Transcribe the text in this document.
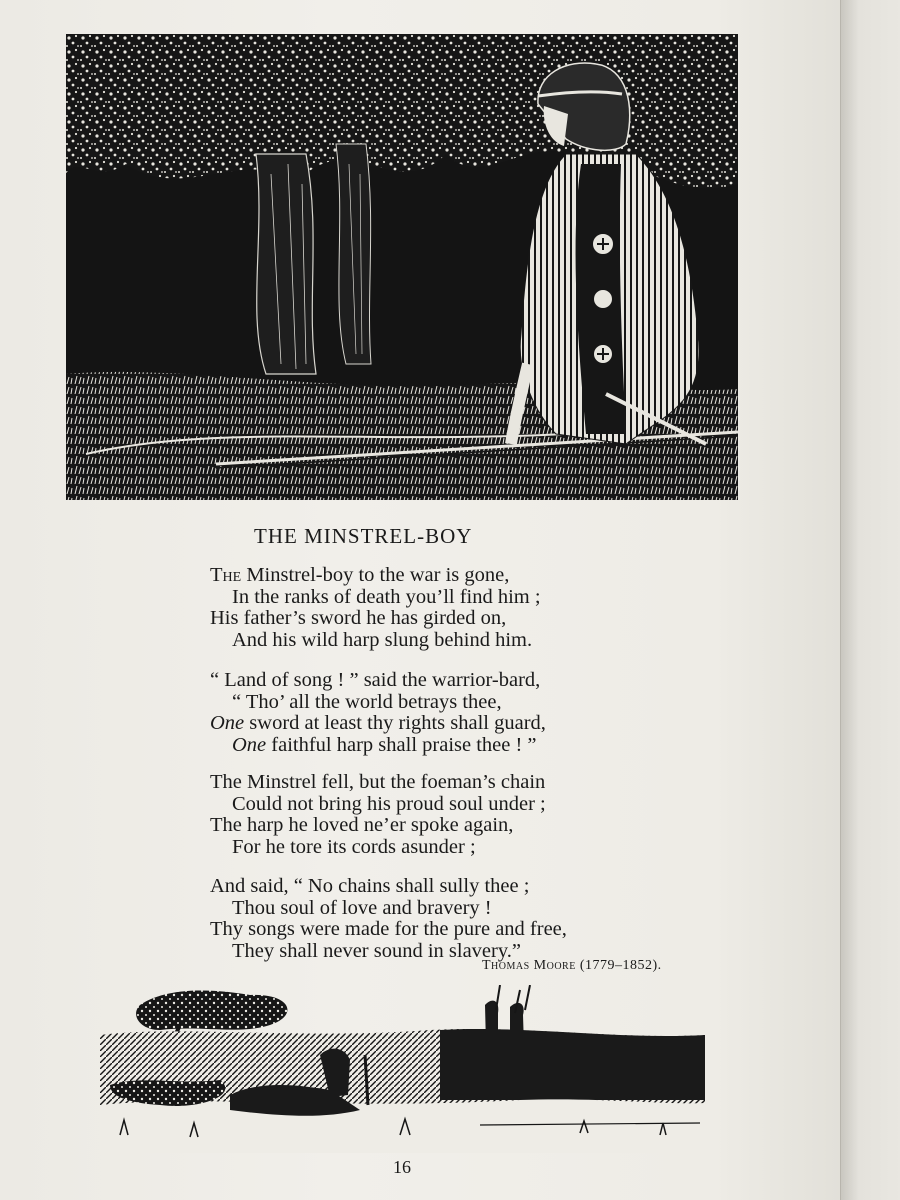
THE MINSTREL-BOY
The Minstrel-boy to the war is gone,
In the ranks of death you’ll find him ;
His father’s sword he has girded on,
And his wild harp slung behind him.
“ Land of song ! ” said the warrior-bard,
“ Tho’ all the world betrays thee,
One sword at least thy rights shall guard,
One faithful harp shall praise thee ! ”
The Minstrel fell, but the foeman’s chain
Could not bring his proud soul under ;
The harp he loved ne’er spoke again,
For he tore its cords asunder ;
And said, “ No chains shall sully thee ;
Thou soul of love and bravery !
Thy songs were made for the pure and free,
They shall never sound in slavery.”
Thomas Moore (1779–1852).
16
